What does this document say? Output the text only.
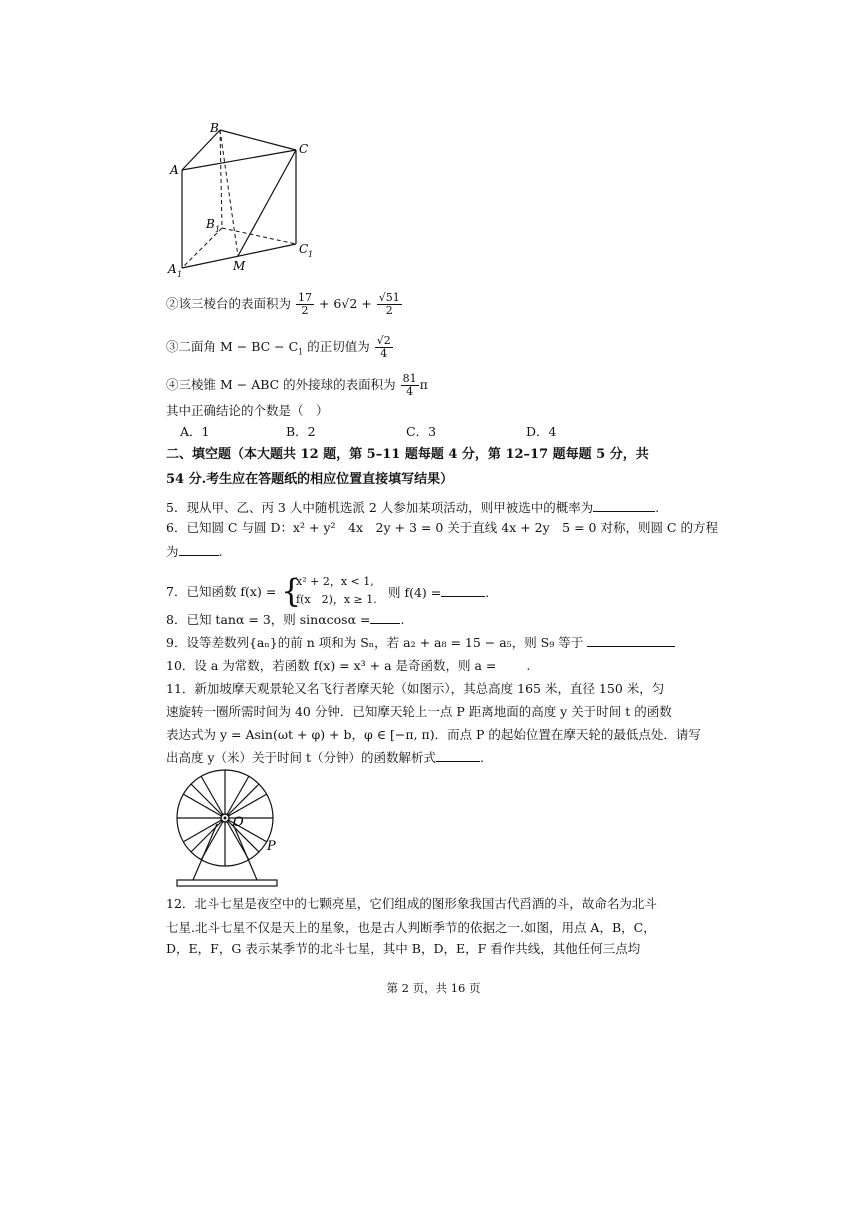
B
C
A
B 1
C 1
A 1
M
②该三棱台的表面积为 $\frac{17}{2} + 6√2 + \frac{√51}{2}$
③二面角 M − BC − $C_1$ 的正切值为 $\frac{√2}{4}$
④三棱锥 M − ABC 的外接球的表面积为 $\frac{81}{4}$ π
其中正确结论的个数是（　）
A．1	B．2	C．3	D．4
二、填空题（本大题共 12 题，第 5–11 题每题 4 分，第 12–17 题每题 5 分，共
54 分.考生应在答题纸的相应位置直接填写结果）
5．现从甲、乙、丙 3 人中随机选派 2 人参加某项活动，则甲被选中的概率为	.
6．已知圆 C 与圆 D：x² + y²　4x　2y + 3 = 0 关于直线 4x + 2y　5 = 0 对称，则圆 C 的方程
为	.
7．已知函数 f(x) = {
x² + 2，x < 1,
f(x　2)，x ≥ 1. 则 f(4) =	.
8．已知 tanα = 3，则 sinαcosα = .
9．设等差数列{aₙ}的前 n 项和为 Sₙ，若 a₂ + a₈ = 15 − a₅，则 S₉ 等于
10．设 a 为常数，若函数 f(x) = x³ + a 是奇函数，则 a = .
11．新加坡摩天观景轮又名飞行者摩天轮（如图示），其总高度 165 米，直径 150 米，匀
速旋转一圈所需时间为 40 分钟．已知摩天轮上一点 P 距离地面的高度 y 关于时间 t 的函数
表达式为 y = Asin(ωt + φ) + b，φ ∈ [−π, π)．而点 P 的起始位置在摩天轮的最低点处．请写
出高度 y（米）关于时间 t（分钟）的函数解析式	.
O
P
12．北斗七星是夜空中的七颗亮星，它们组成的图形象我国古代舀酒的斗，故命名为北斗
七星.北斗七星不仅是天上的星象，也是古人判断季节的依据之一.如图，用点 A，B，C，
D，E，F，G 表示某季节的北斗七星，其中 B，D，E，F 看作共线，其他任何三点均
第 2 页，共 16 页
